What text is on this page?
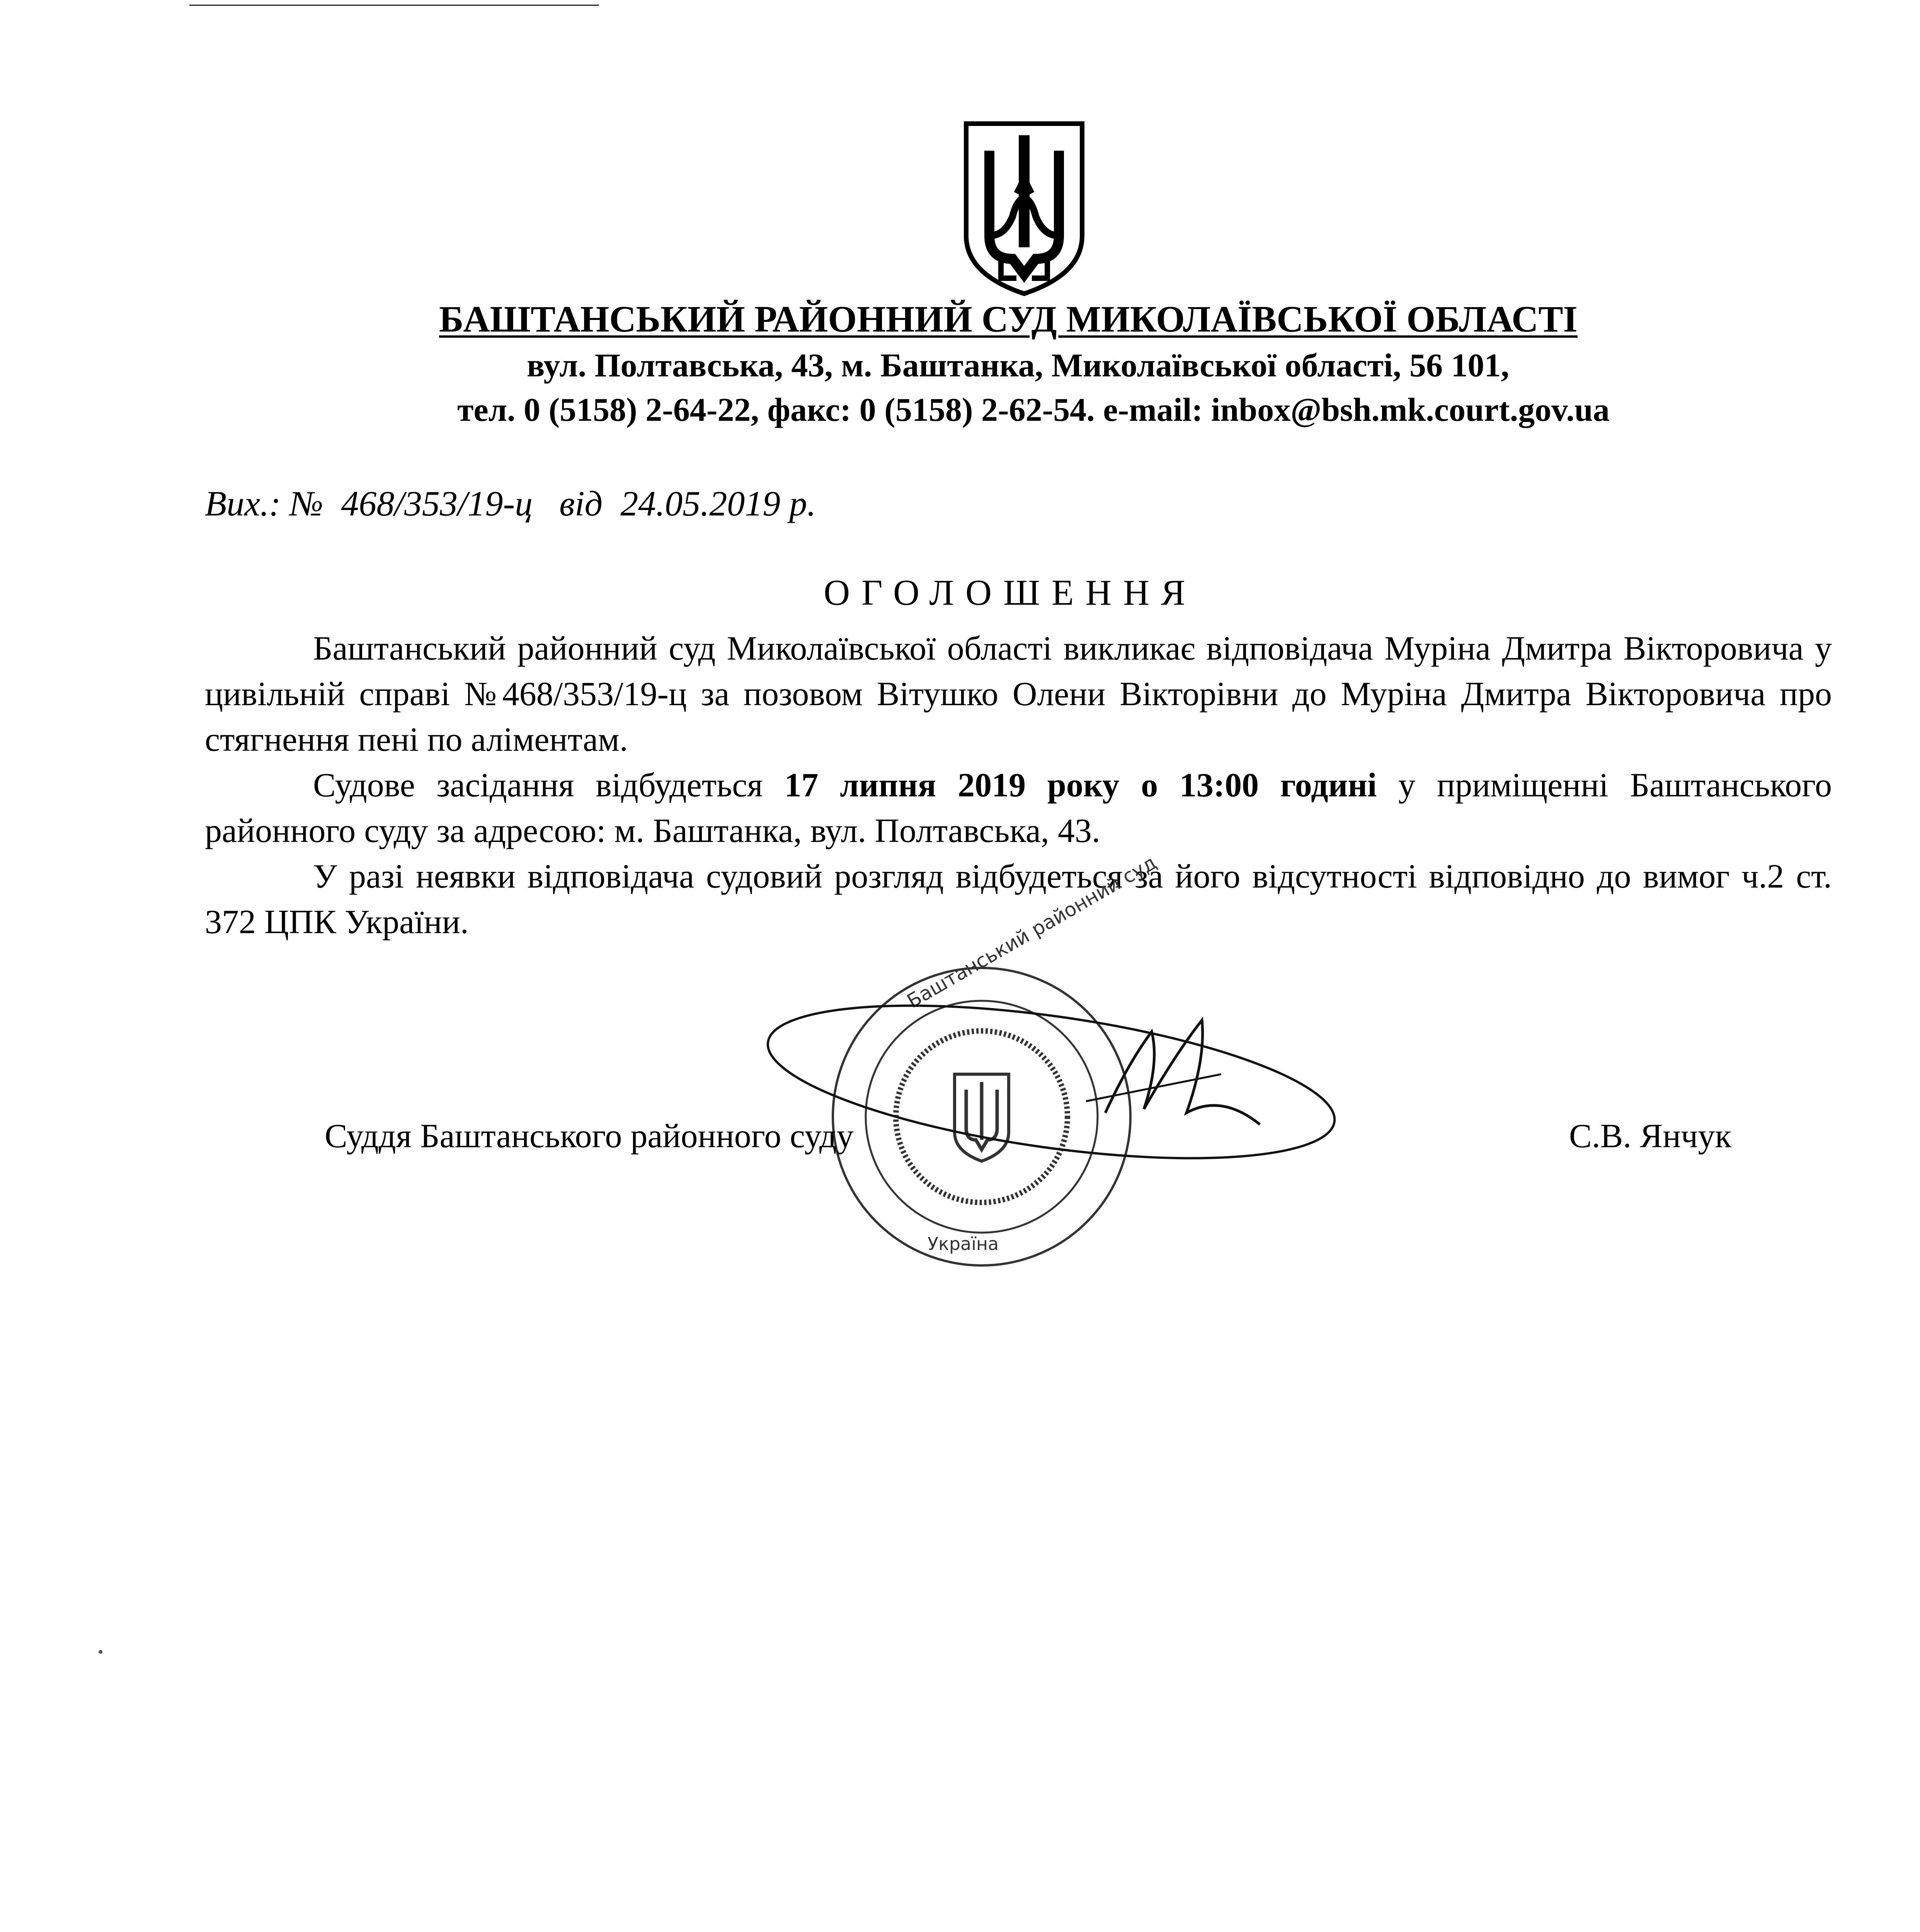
БАШТАНСЬКИЙ РАЙОННИЙ СУД МИКОЛАЇВСЬКОЇ ОБЛАСТІ
вул. Полтавська, 43, м. Баштанка, Миколаївської області, 56 101,
тел. 0 (5158) 2-64-22, факс: 0 (5158) 2-62-54. e-mail: inbox@bsh.mk.court.gov.ua
Вих.: № 468/353/19-ц від 24.05.2019 р.
ОГОЛОШЕННЯ

Баштанський районний суд Миколаївської області викликає відповідача Муріна Дмитра Вікторовича у цивільній справі №468/353/19-ц за позовом Вітушко Олени Вікторівни до Муріна Дмитра Вікторовича про стягнення пені по аліментам.

Судове засідання відбудеться 17 липня 2019 року о 13:00 годині у приміщенні Баштанського районного суду за адресою: м. Баштанка, вул. Полтавська, 43.

У разі неявки відповідача судовий розгляд відбудеться за його відсутності відповідно до вимог ч.2 ст. 372 ЦПК України.	Баштанський районний суд
Україна
Суддя Баштанського районного суду	С.В. Янчук
